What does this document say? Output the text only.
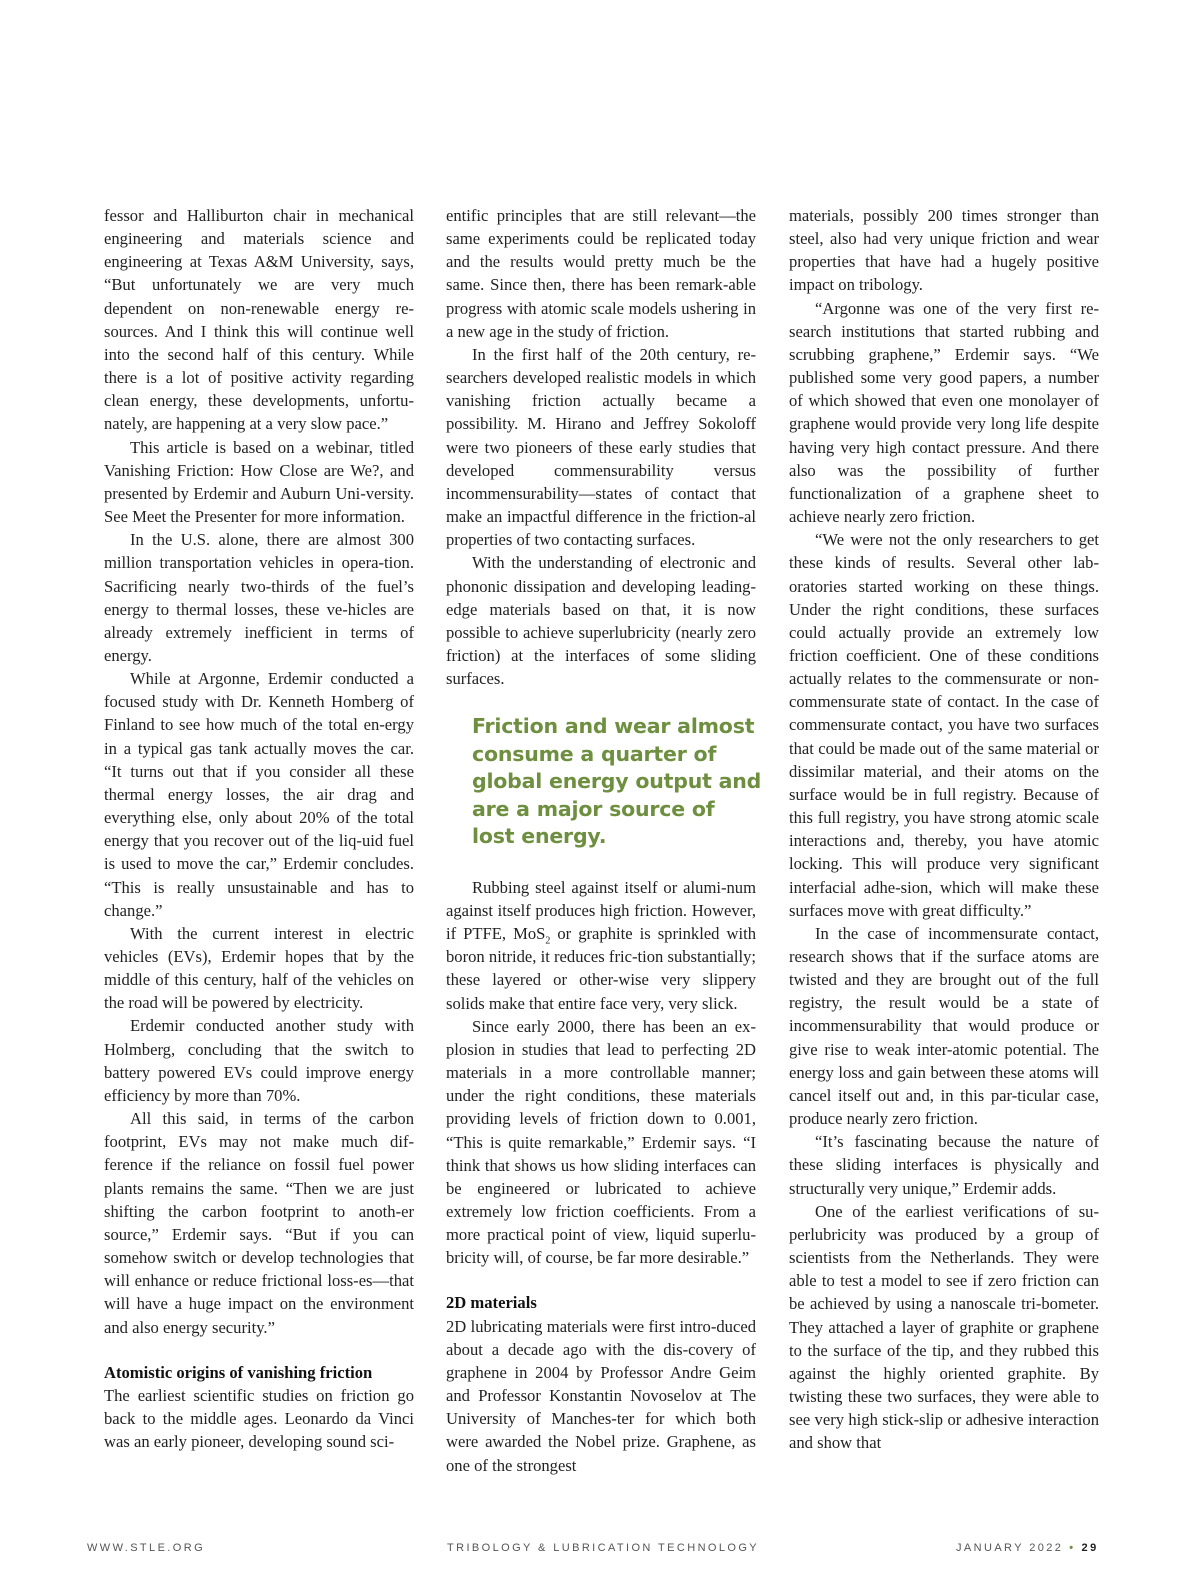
fessor and Halliburton chair in mechanical engineering and materials science and engineering at Texas A&M University, says, “But unfortunately we are very much dependent on non-renewable energy re-sources. And I think this will continue well into the second half of this century. While there is a lot of positive activity regarding clean energy, these developments, unfortu-nately, are happening at a very slow pace.”

This article is based on a webinar, titled Vanishing Friction: How Close are We?, and presented by Erdemir and Auburn Uni-versity. See Meet the Presenter for more information.

In the U.S. alone, there are almost 300 million transportation vehicles in opera-tion. Sacrificing nearly two-thirds of the fuel’s energy to thermal losses, these ve-hicles are already extremely inefficient in terms of energy.

While at Argonne, Erdemir conducted a focused study with Dr. Kenneth Homberg of Finland to see how much of the total en-ergy in a typical gas tank actually moves the car. “It turns out that if you consider all these thermal energy losses, the air drag and everything else, only about 20% of the total energy that you recover out of the liq-uid fuel is used to move the car,” Erdemir concludes. “This is really unsustainable and has to change.”

With the current interest in electric vehicles (EVs), Erdemir hopes that by the middle of this century, half of the vehicles on the road will be powered by electricity.

Erdemir conducted another study with Holmberg, concluding that the switch to battery powered EVs could improve energy efficiency by more than 70%.

All this said, in terms of the carbon footprint, EVs may not make much dif-ference if the reliance on fossil fuel power plants remains the same. “Then we are just shifting the carbon footprint to anoth-er source,” Erdemir says. “But if you can somehow switch or develop technologies that will enhance or reduce frictional loss-es—that will have a huge impact on the environment and also energy security.”

Atomistic origins of vanishing friction

The earliest scientific studies on friction go back to the middle ages. Leonardo da Vinci was an early pioneer, developing sound sci-

entific principles that are still relevant—the same experiments could be replicated today and the results would pretty much be the same. Since then, there has been remark-able progress with atomic scale models ushering in a new age in the study of friction.

In the first half of the 20th century, re-searchers developed realistic models in which vanishing friction actually became a possibility. M. Hirano and Jeffrey Sokoloff were two pioneers of these early studies that developed commensurability versus incommensurability—states of contact that make an impactful difference in the friction-al properties of two contacting surfaces.

With the understanding of electronic and phononic dissipation and developing leading-edge materials based on that, it is now possible to achieve superlubricity (nearly zero friction) at the interfaces of some sliding surfaces.

Friction and wear almost consume a quarter of global energy output and are a major source of lost energy.

Rubbing steel against itself or alumi-num against itself produces high friction. However, if PTFE, MoS$_2$ or graphite is sprinkled with boron nitride, it reduces fric-tion substantially; these layered or other-wise very slippery solids make that entire face very, very slick.

Since early 2000, there has been an ex-plosion in studies that lead to perfecting 2D materials in a more controllable manner; under the right conditions, these materials providing levels of friction down to 0.001, “This is quite remarkable,” Erdemir says. “I think that shows us how sliding interfaces can be engineered or lubricated to achieve extremely low friction coefficients. From a more practical point of view, liquid superlu-bricity will, of course, be far more desirable.”

2D materials

2D lubricating materials were first intro-duced about a decade ago with the dis-covery of graphene in 2004 by Professor Andre Geim and Professor Konstantin Novoselov at The University of Manches-ter for which both were awarded the Nobel prize. Graphene, as one of the strongest

materials, possibly 200 times stronger than steel, also had very unique friction and wear properties that have had a hugely positive impact on tribology.

“Argonne was one of the very first re-search institutions that started rubbing and scrubbing graphene,” Erdemir says. “We published some very good papers, a number of which showed that even one monolayer of graphene would provide very long life despite having very high contact pressure. And there also was the possibility of further functionalization of a graphene sheet to achieve nearly zero friction.

“We were not the only researchers to get these kinds of results. Several other lab-oratories started working on these things. Under the right conditions, these surfaces could actually provide an extremely low friction coefficient. One of these conditions actually relates to the commensurate or non-commensurate state of contact. In the case of commensurate contact, you have two surfaces that could be made out of the same material or dissimilar material, and their atoms on the surface would be in full registry. Because of this full registry, you have strong atomic scale interactions and, thereby, you have atomic locking. This will produce very significant interfacial adhe-sion, which will make these surfaces move with great difficulty.”

In the case of incommensurate contact, research shows that if the surface atoms are twisted and they are brought out of the full registry, the result would be a state of incommensurability that would produce or give rise to weak inter-atomic potential. The energy loss and gain between these atoms will cancel itself out and, in this par-ticular case, produce nearly zero friction.

“It’s fascinating because the nature of these sliding interfaces is physically and structurally very unique,” Erdemir adds.

One of the earliest verifications of su-perlubricity was produced by a group of scientists from the Netherlands. They were able to test a model to see if zero friction can be achieved by using a nanoscale tri-bometer. They attached a layer of graphite or graphene to the surface of the tip, and they rubbed this against the highly oriented graphite. By twisting these two surfaces, they were able to see very high stick-slip or adhesive interaction and show that

WWW.STLE.ORG	TRIBOLOGY & LUBRICATION TECHNOLOGY	JANUARY 2022 • 29
